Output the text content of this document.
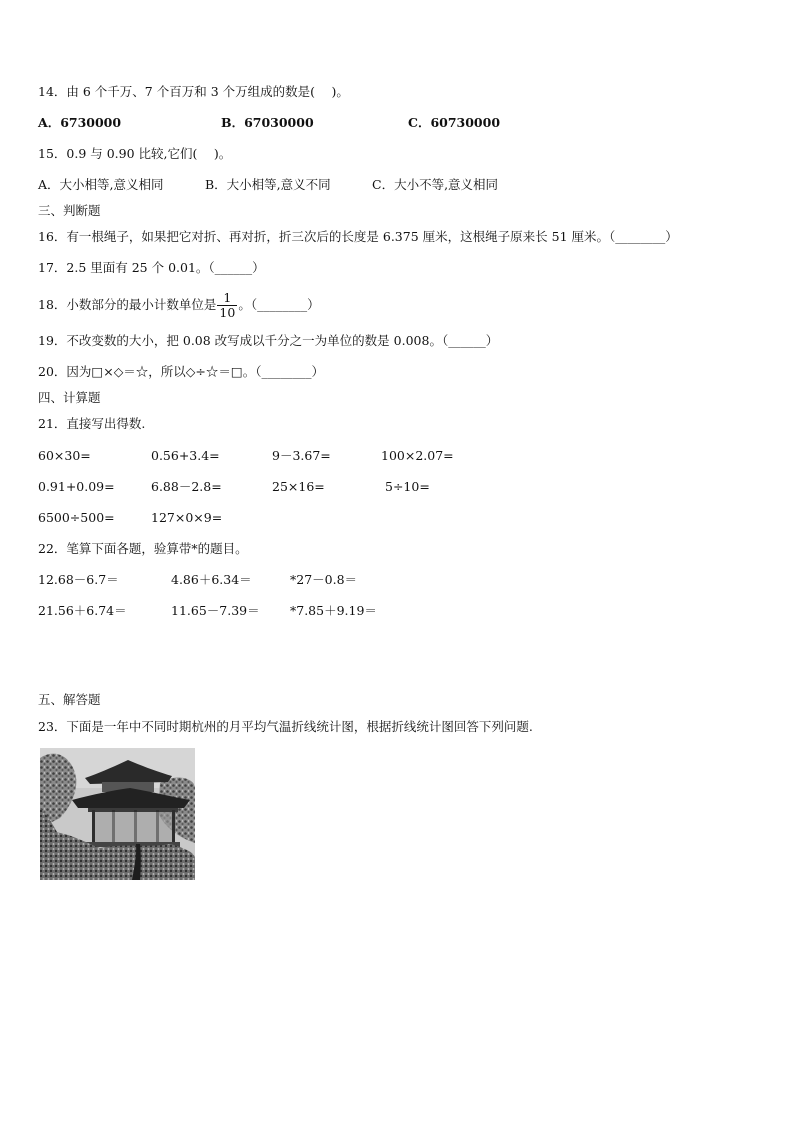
14．由 6 个千万、7 个百万和 3 个万组成的数是(　 )。
A．6730000	B．67030000	C．60730000
15．0.9 与 0.90 比较,它们(　 )。
A．大小相等,意义相同	B．大小相等,意义不同	C．大小不等,意义相同
三、判断题
16．有一根绳子，如果把它对折、再对折，折三次后的长度是 6.375 厘米，这根绳子原来长 51 厘米。（________）
17．2.5 里面有 25 个 0.01。（______）
18．小数部分的最小计数单位是 $\frac{1}{10}$ 。（________）
19．不改变数的大小，把 0.08 改写成以千分之一为单位的数是 0.008。（______）
20．因为□×◇＝☆，所以◇÷☆＝□。（________）
四、计算题
21．直接写出得数.
60×30=	0.56+3.4=	9－3.67=	100×2.07=
0.91+0.09=	6.88－2.8=	25×16=	5÷10=
6500÷500=	127×0×9=
22．笔算下面各题，验算带*的题目。
12.68－6.7＝	4.86＋6.34＝	*27－0.8＝
21.56＋6.74＝	11.65－7.39＝ *7.85＋9.19＝
五、解答题
23．下面是一年中不同时期杭州的月平均气温折线统计图，根据折线统计图回答下列问题.
